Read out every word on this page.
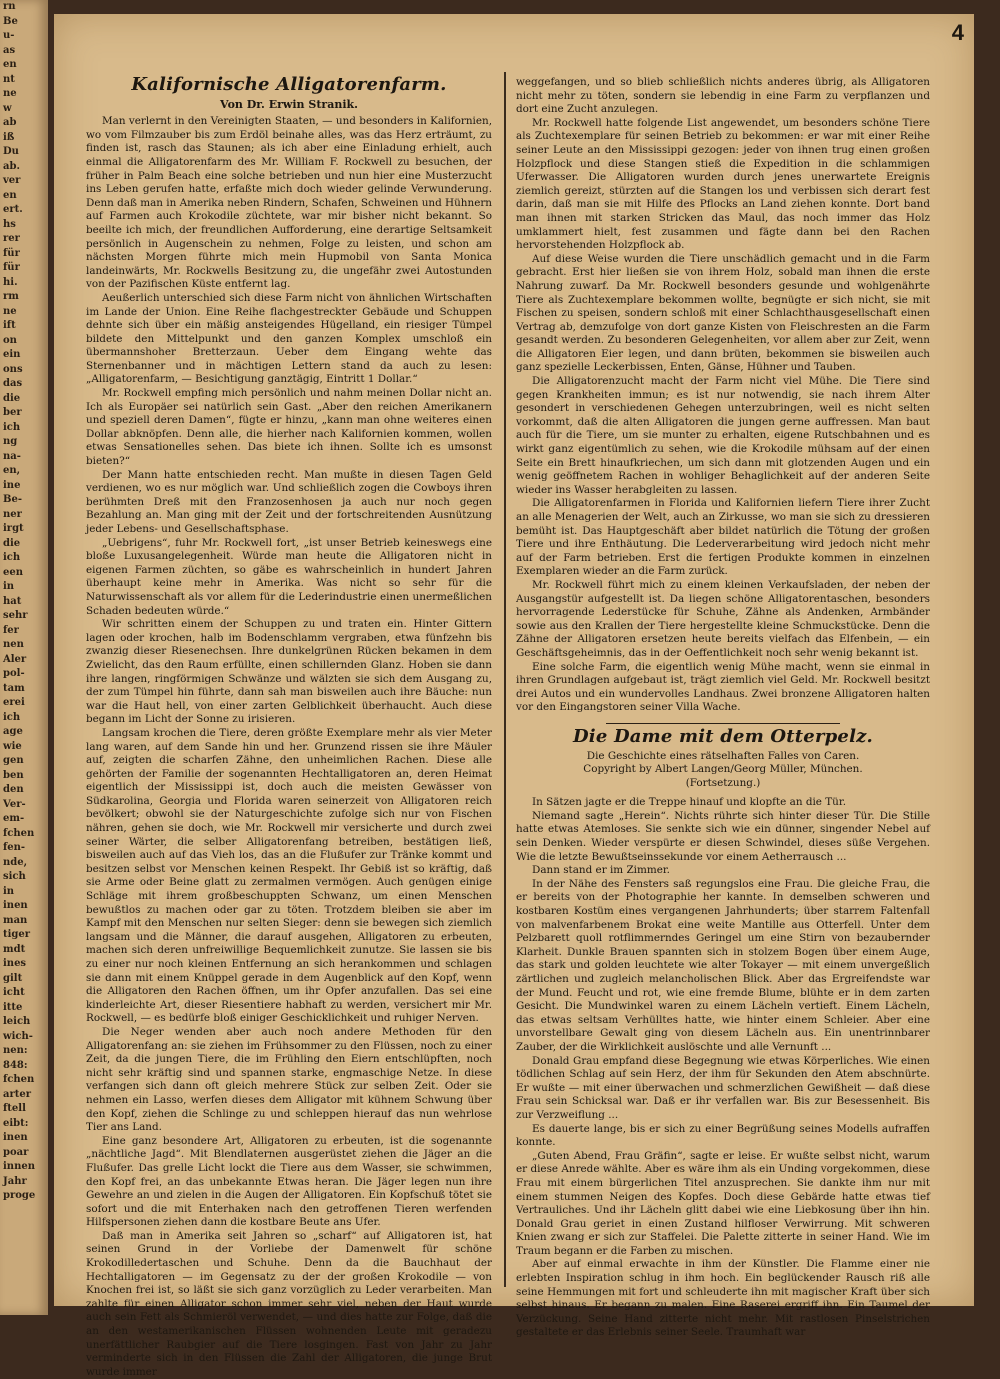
rn
Be
u-
as
en
nt
ne
w
ab
iß
Du
ab.
ver
en
ert.
hs
rer
für
für
hi.
rm
ne
ift
on
ein
ons
das
die
ber
ich
ng
na-
en,
ine
Be-
ner
irgt
die
ich
een
in
hat
sehr
fer
nen
Aler
pol-
tam
erei
ich
age
wie
gen
ben
den
Ver-
em-
fchen
fen-
nde,
sich
in
inen
man
tiger
mdt
ines
gilt
icht
itte
leich
wich-
nen:
848:
fchen
arter
ftell
eibt:
inen
poar
innen
Jahr
proge
4
Kalifornische Alligatorenfarm.
Von Dr. Erwin Stranik.

Man verlernt in den Vereinigten Staaten, — und besonders in Kalifornien, wo vom Filmzauber bis zum Erdöl beinahe alles, was das Herz erträumt, zu finden ist, rasch das Staunen; als ich aber eine Einladung erhielt, auch einmal die Alligatorenfarm des Mr. William F. Rockwell zu besuchen, der früher in Palm Beach eine solche betrieben und nun hier eine Musterzucht ins Leben gerufen hatte, erfaßte mich doch wieder gelinde Verwunderung. Denn daß man in Amerika neben Rindern, Schafen, Schweinen und Hühnern auf Farmen auch Krokodile züchtete, war mir bisher nicht bekannt. So beeilte ich mich, der freundlichen Aufforderung, eine derartige Seltsamkeit persönlich in Augenschein zu nehmen, Folge zu leisten, und schon am nächsten Morgen führte mich mein Hupmobil von Santa Monica landeinwärts, Mr. Rockwells Besitzung zu, die ungefähr zwei Autostunden von der Pazifischen Küste entfernt lag.

Aeußerlich unterschied sich diese Farm nicht von ähnlichen Wirtschaften im Lande der Union. Eine Reihe flachgestreckter Gebäude und Schuppen dehnte sich über ein mäßig ansteigendes Hügelland, ein riesiger Tümpel bildete den Mittelpunkt und den ganzen Komplex umschloß ein übermannshoher Bretterzaun. Ueber dem Eingang wehte das Sternenbanner und in mächtigen Lettern stand da auch zu lesen: „Alligatorenfarm, — Besichtigung ganztägig, Eintritt 1 Dollar.“

Mr. Rockwell empfing mich persönlich und nahm meinen Dollar nicht an. Ich als Europäer sei natürlich sein Gast. „Aber den reichen Amerikanern und speziell deren Damen“, fügte er hinzu, „kann man ohne weiteres einen Dollar abknöpfen. Denn alle, die hierher nach Kalifornien kommen, wollen etwas Sensationelles sehen. Das biete ich ihnen. Sollte ich es umsonst bieten?“

Der Mann hatte entschieden recht. Man mußte in diesen Tagen Geld verdienen, wo es nur möglich war. Und schließlich zogen die Cowboys ihren berühmten Dreß mit den Franzosenhosen ja auch nur noch gegen Bezahlung an. Man ging mit der Zeit und der fortschreitenden Ausnützung jeder Lebens- und Gesellschaftsphase.

„Uebrigens“, fuhr Mr. Rockwell fort, „ist unser Betrieb keineswegs eine bloße Luxusangelegenheit. Würde man heute die Alligatoren nicht in eigenen Farmen züchten, so gäbe es wahrscheinlich in hundert Jahren überhaupt keine mehr in Amerika. Was nicht so sehr für die Naturwissenschaft als vor allem für die Lederindustrie einen unermeßlichen Schaden bedeuten würde.“

Wir schritten einem der Schuppen zu und traten ein. Hinter Gittern lagen oder krochen, halb im Bodenschlamm vergraben, etwa fünfzehn bis zwanzig dieser Riesenechsen. Ihre dunkelgrünen Rücken bekamen in dem Zwielicht, das den Raum erfüllte, einen schillernden Glanz. Hoben sie dann ihre langen, ringförmigen Schwänze und wälzten sie sich dem Ausgang zu, der zum Tümpel hin führte, dann sah man bisweilen auch ihre Bäuche: nun war die Haut hell, von einer zarten Gelblichkeit überhaucht. Auch diese begann im Licht der Sonne zu irisieren.

Langsam krochen die Tiere, deren größte Exemplare mehr als vier Meter lang waren, auf dem Sande hin und her. Grunzend rissen sie ihre Mäuler auf, zeigten die scharfen Zähne, den unheimlichen Rachen. Diese alle gehörten der Familie der sogenannten Hechtalligatoren an, deren Heimat eigentlich der Mississippi ist, doch auch die meisten Gewässer von Südkarolina, Georgia und Florida waren seinerzeit von Alligatoren reich bevölkert; obwohl sie der Naturgeschichte zufolge sich nur von Fischen nähren, gehen sie doch, wie Mr. Rockwell mir versicherte und durch zwei seiner Wärter, die selber Alligatorenfang betreiben, bestätigen ließ, bisweilen auch auf das Vieh los, das an die Flußufer zur Tränke kommt und besitzen selbst vor Menschen keinen Respekt. Ihr Gebiß ist so kräftig, daß sie Arme oder Beine glatt zu zermalmen vermögen. Auch genügen einige Schläge mit ihrem großbeschuppten Schwanz, um einen Menschen bewußtlos zu machen oder gar zu töten. Trotzdem bleiben sie aber im Kampf mit den Menschen nur selten Sieger: denn sie bewegen sich ziemlich langsam und die Männer, die darauf ausgehen, Alligatoren zu erbeuten, machen sich deren unfreiwillige Bequemlichkeit zunutze. Sie lassen sie bis zu einer nur noch kleinen Entfernung an sich herankommen und schlagen sie dann mit einem Knüppel gerade in dem Augenblick auf den Kopf, wenn die Alligatoren den Rachen öffnen, um ihr Opfer anzufallen. Das sei eine kinderleichte Art, dieser Riesentiere habhaft zu werden, versichert mir Mr. Rockwell, — es bedürfe bloß einiger Geschicklichkeit und ruhiger Nerven.

Die Neger wenden aber auch noch andere Methoden für den Alligatorenfang an: sie ziehen im Frühsommer zu den Flüssen, noch zu einer Zeit, da die jungen Tiere, die im Frühling den Eiern entschlüpften, noch nicht sehr kräftig sind und spannen starke, engmaschige Netze. In diese verfangen sich dann oft gleich mehrere Stück zur selben Zeit. Oder sie nehmen ein Lasso, werfen dieses dem Alligator mit kühnem Schwung über den Kopf, ziehen die Schlinge zu und schleppen hierauf das nun wehrlose Tier ans Land.

Eine ganz besondere Art, Alligatoren zu erbeuten, ist die sogenannte „nächtliche Jagd“. Mit Blendlaternen ausgerüstet ziehen die Jäger an die Flußufer. Das grelle Licht lockt die Tiere aus dem Wasser, sie schwimmen, den Kopf frei, an das unbekannte Etwas heran. Die Jäger legen nun ihre Gewehre an und zielen in die Augen der Alligatoren. Ein Kopfschuß tötet sie sofort und die mit Enterhaken nach den getroffenen Tieren werfenden Hilfspersonen ziehen dann die kostbare Beute ans Ufer.

Daß man in Amerika seit Jahren so „scharf“ auf Alligatoren ist, hat seinen Grund in der Vorliebe der Damenwelt für schöne Krokodilledertaschen und Schuhe. Denn da die Bauchhaut der Hechtalligatoren — im Gegensatz zu der der großen Krokodile — von Knochen frei ist, so läßt sie sich ganz vorzüglich zu Leder verarbeiten. Man zahlte für einen Alligator schon immer sehr viel, neben der Haut wurde auch sein Fett als Schmieröl verwendet, — und dies hatte zur Folge, daß die an den westamerikanischen Flüssen wohnenden Leute mit geradezu unerfättlicher Raubgier auf die Tiere losgingen. Fast von Jahr zu Jahr verminderte sich in den Flüssen die Zahl der Alligatoren, die junge Brut wurde immer

weggefangen, und so blieb schließlich nichts anderes übrig, als Alligatoren nicht mehr zu töten, sondern sie lebendig in eine Farm zu verpflanzen und dort eine Zucht anzulegen.

Mr. Rockwell hatte folgende List angewendet, um besonders schöne Tiere als Zuchtexemplare für seinen Betrieb zu bekommen: er war mit einer Reihe seiner Leute an den Mississippi gezogen: jeder von ihnen trug einen großen Holzpflock und diese Stangen stieß die Expedition in die schlammigen Uferwasser. Die Alligatoren wurden durch jenes unerwartete Ereignis ziemlich gereizt, stürzten auf die Stangen los und verbissen sich derart fest darin, daß man sie mit Hilfe des Pflocks an Land ziehen konnte. Dort band man ihnen mit starken Stricken das Maul, das noch immer das Holz umklammert hielt, fest zusammen und fägte dann bei den Rachen hervorstehenden Holzpflock ab.

Auf diese Weise wurden die Tiere unschädlich gemacht und in die Farm gebracht. Erst hier ließen sie von ihrem Holz, sobald man ihnen die erste Nahrung zuwarf. Da Mr. Rockwell besonders gesunde und wohlgenährte Tiere als Zuchtexemplare bekommen wollte, begnügte er sich nicht, sie mit Fischen zu speisen, sondern schloß mit einer Schlachthausgesellschaft einen Vertrag ab, demzufolge von dort ganze Kisten von Fleischresten an die Farm gesandt werden. Zu besonderen Gelegenheiten, vor allem aber zur Zeit, wenn die Alligatoren Eier legen, und dann brüten, bekommen sie bisweilen auch ganz spezielle Leckerbissen, Enten, Gänse, Hühner und Tauben.

Die Alligatorenzucht macht der Farm nicht viel Mühe. Die Tiere sind gegen Krankheiten immun; es ist nur notwendig, sie nach ihrem Alter gesondert in verschiedenen Gehegen unterzubringen, weil es nicht selten vorkommt, daß die alten Alligatoren die jungen gerne auffressen. Man baut auch für die Tiere, um sie munter zu erhalten, eigene Rutschbahnen und es wirkt ganz eigentümlich zu sehen, wie die Krokodile mühsam auf der einen Seite ein Brett hinaufkriechen, um sich dann mit glotzenden Augen und ein wenig geöffnetem Rachen in wohliger Behaglichkeit auf der anderen Seite wieder ins Wasser herabgleiten zu lassen.

Die Alligatorenfarmen in Florida und Kalifornien liefern Tiere ihrer Zucht an alle Menagerien der Welt, auch an Zirkusse, wo man sie sich zu dressieren bemüht ist. Das Hauptgeschäft aber bildet natürlich die Tötung der großen Tiere und ihre Enthäutung. Die Lederverarbeitung wird jedoch nicht mehr auf der Farm betrieben. Erst die fertigen Produkte kommen in einzelnen Exemplaren wieder an die Farm zurück.

Mr. Rockwell führt mich zu einem kleinen Verkaufsladen, der neben der Ausgangstür aufgestellt ist. Da liegen schöne Alligatorentaschen, besonders hervorragende Lederstücke für Schuhe, Zähne als Andenken, Armbänder sowie aus den Krallen der Tiere hergestellte kleine Schmuckstücke. Denn die Zähne der Alligatoren ersetzen heute bereits vielfach das Elfenbein, — ein Geschäftsgeheimnis, das in der Oeffentlichkeit noch sehr wenig bekannt ist.

Eine solche Farm, die eigentlich wenig Mühe macht, wenn sie einmal in ihren Grundlagen aufgebaut ist, trägt ziemlich viel Geld. Mr. Rockwell besitzt drei Autos und ein wundervolles Landhaus. Zwei bronzene Alligatoren halten vor den Eingangstoren seiner Villa Wache.

Die Dame mit dem Otterpelz.
Die Geschichte eines rätselhaften Falles von Caren.
Copyright by Albert Langen/Georg Müller, München.
(Fortsetzung.)

In Sätzen jagte er die Treppe hinauf und klopfte an die Tür.

Niemand sagte „Herein“. Nichts rührte sich hinter dieser Tür. Die Stille hatte etwas Atemloses. Sie senkte sich wie ein dünner, singender Nebel auf sein Denken. Wieder verspürte er diesen Schwindel, dieses süße Vergehen. Wie die letzte Bewußtseinssekunde vor einem Aetherrausch ...

Dann stand er im Zimmer.

In der Nähe des Fensters saß regungslos eine Frau. Die gleiche Frau, die er bereits von der Photographie her kannte. In demselben schweren und kostbaren Kostüm eines vergangenen Jahrhunderts; über starrem Faltenfall von malvenfarbenem Brokat eine weite Mantille aus Otterfell. Unter dem Pelzbarett quoll rotflimmerndes Geringel um eine Stirn von bezaubernder Klarheit. Dunkle Brauen spannten sich in stolzem Bogen über einem Auge, das stark und golden leuchtete wie alter Tokayer — mit einem unvergeßlich zärtlichen und zugleich melancholischen Blick. Aber das Ergreifendste war der Mund. Feucht und rot, wie eine fremde Blume, blühte er in dem zarten Gesicht. Die Mundwinkel waren zu einem Lächeln vertieft. Einem Lächeln, das etwas seltsam Verhülltes hatte, wie hinter einem Schleier. Aber eine unvorstellbare Gewalt ging von diesem Lächeln aus. Ein unentrinnbarer Zauber, der die Wirklichkeit auslöschte und alle Vernunft ...

Donald Grau empfand diese Begegnung wie etwas Körperliches. Wie einen tödlichen Schlag auf sein Herz, der ihm für Sekunden den Atem abschnürte. Er wußte — mit einer überwachen und schmerzlichen Gewißheit — daß diese Frau sein Schicksal war. Daß er ihr verfallen war. Bis zur Besessenheit. Bis zur Verzweiflung ...

Es dauerte lange, bis er sich zu einer Begrüßung seines Modells aufraffen konnte.

„Guten Abend, Frau Gräfin“, sagte er leise. Er wußte selbst nicht, warum er diese Anrede wählte. Aber es wäre ihm als ein Unding vorgekommen, diese Frau mit einem bürgerlichen Titel anzusprechen. Sie dankte ihm nur mit einem stummen Neigen des Kopfes. Doch diese Gebärde hatte etwas tief Vertrauliches. Und ihr Lächeln glitt dabei wie eine Liebkosung über ihn hin. Donald Grau geriet in einen Zustand hilfloser Verwirrung. Mit schweren Knien zwang er sich zur Staffelei. Die Palette zitterte in seiner Hand. Wie im Traum begann er die Farben zu mischen.

Aber auf einmal erwachte in ihm der Künstler. Die Flamme einer nie erlebten Inspiration schlug in ihm hoch. Ein beglückender Rausch riß alle seine Hemmungen mit fort und schleuderte ihn mit magischer Kraft über sich selbst hinaus. Er begann zu malen. Eine Raserei ergriff ihn. Ein Taumel der Verzückung. Seine Hand zitterte nicht mehr. Mit rastlosen Pinselstrichen gestaltete er das Erlebnis seiner Seele. Traumhaft war
